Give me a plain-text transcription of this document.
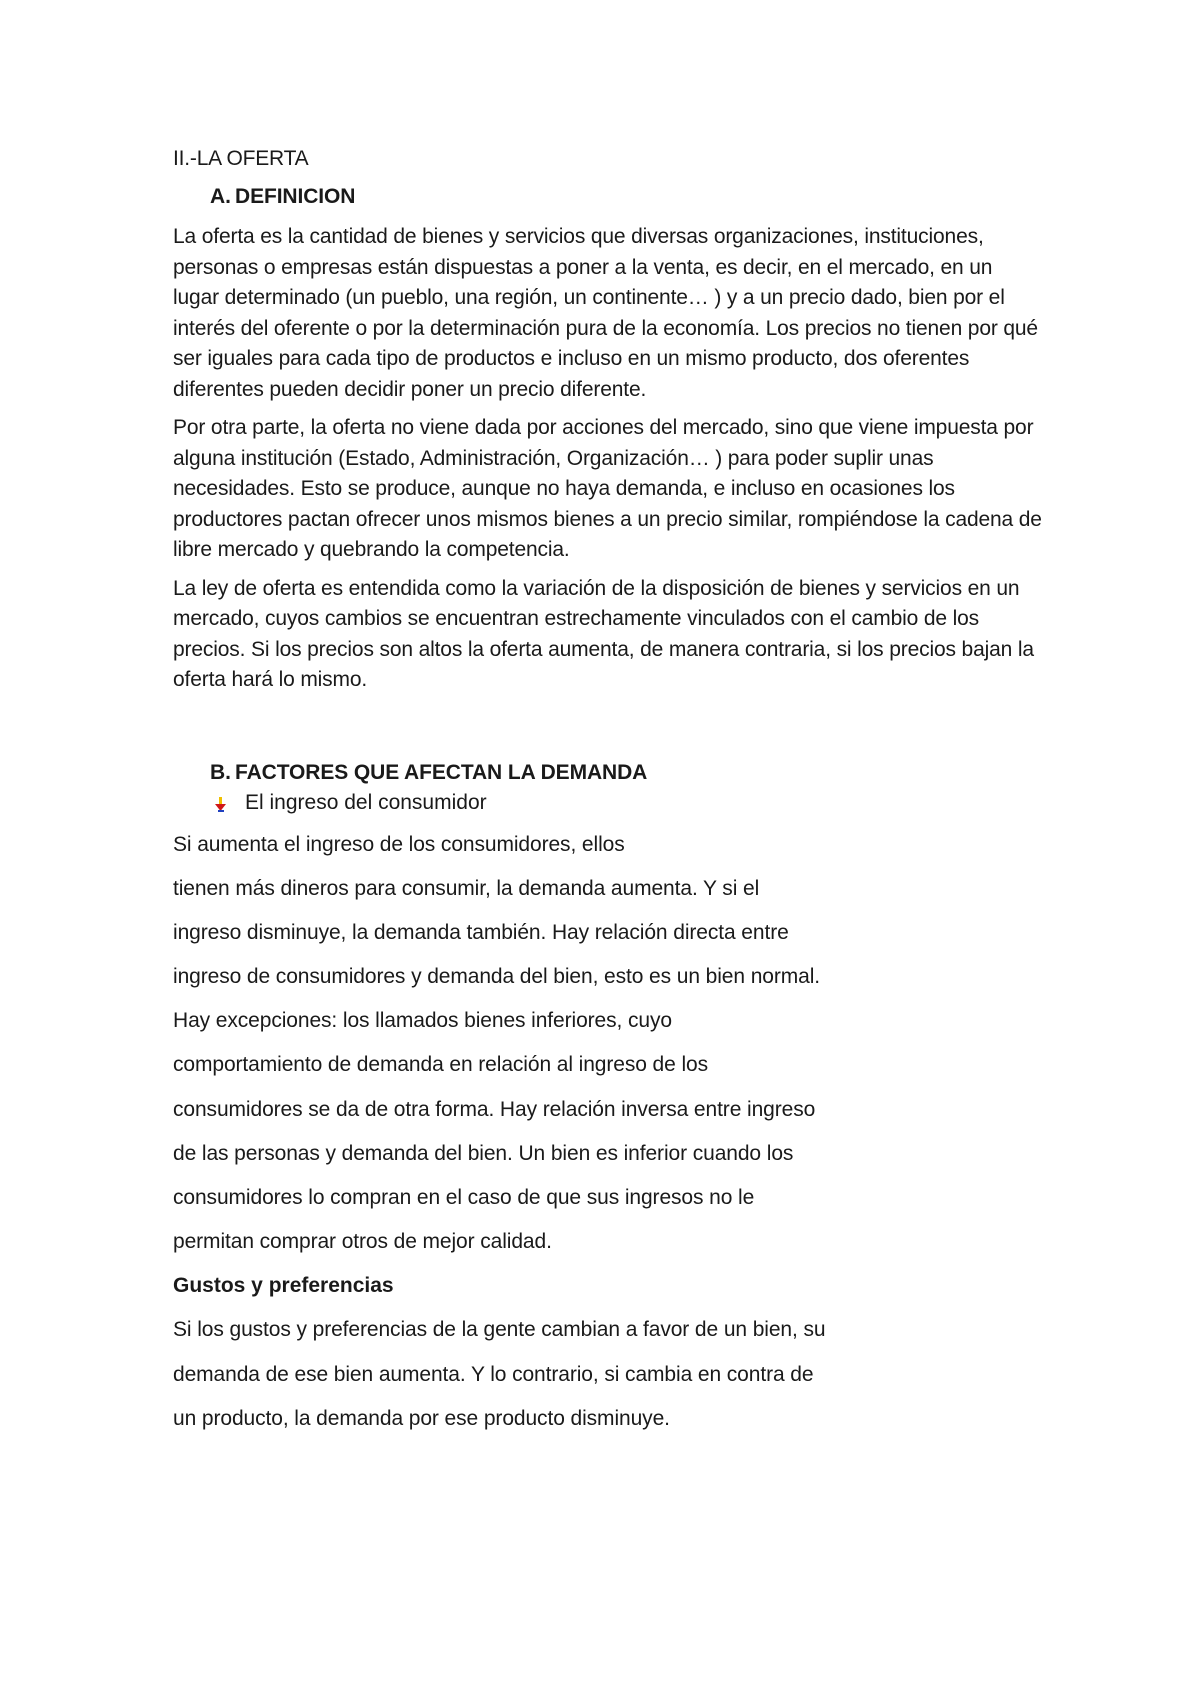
II.-LA OFERTA
A. DEFINICION

La oferta es la cantidad de bienes y servicios que diversas organizaciones, instituciones, personas o empresas están dispuestas a poner a la venta, es decir, en el mercado, en un lugar determinado (un pueblo, una región, un continente… ) y a un precio dado, bien por el interés del oferente o por la determinación pura de la economía. Los precios no tienen por qué ser iguales para cada tipo de productos e incluso en un mismo producto, dos oferentes diferentes pueden decidir poner un precio diferente.

Por otra parte, la oferta no viene dada por acciones del mercado, sino que viene impuesta por alguna institución (Estado, Administración, Organización… ) para poder suplir unas necesidades. Esto se produce, aunque no haya demanda, e incluso en ocasiones los productores pactan ofrecer unos mismos bienes a un precio similar, rompiéndose la cadena de libre mercado y quebrando la competencia.

La ley de oferta es entendida como la variación de la disposición de bienes y servicios en un mercado, cuyos cambios se encuentran estrechamente vinculados con el cambio de los precios. Si los precios son altos la oferta aumenta, de manera contraria, si los precios bajan la oferta hará lo mismo.

B. FACTORES QUE AFECTAN LA DEMANDA
El ingreso del consumidor
Si aumenta el ingreso de los consumidores, ellos
tienen más dineros para consumir, la demanda aumenta. Y si el
ingreso disminuye, la demanda también. Hay relación directa entre
ingreso de consumidores y demanda del bien, esto es un bien normal.
Hay excepciones: los llamados bienes inferiores, cuyo
comportamiento de demanda en relación al ingreso de los
consumidores se da de otra forma. Hay relación inversa entre ingreso
de las personas y demanda del bien. Un bien es inferior cuando los
consumidores lo compran en el caso de que sus ingresos no le
permitan comprar otros de mejor calidad.
Gustos y preferencias
Si los gustos y preferencias de la gente cambian a favor de un bien, su
demanda de ese bien aumenta. Y lo contrario, si cambia en contra de
un producto, la demanda por ese producto disminuye.
